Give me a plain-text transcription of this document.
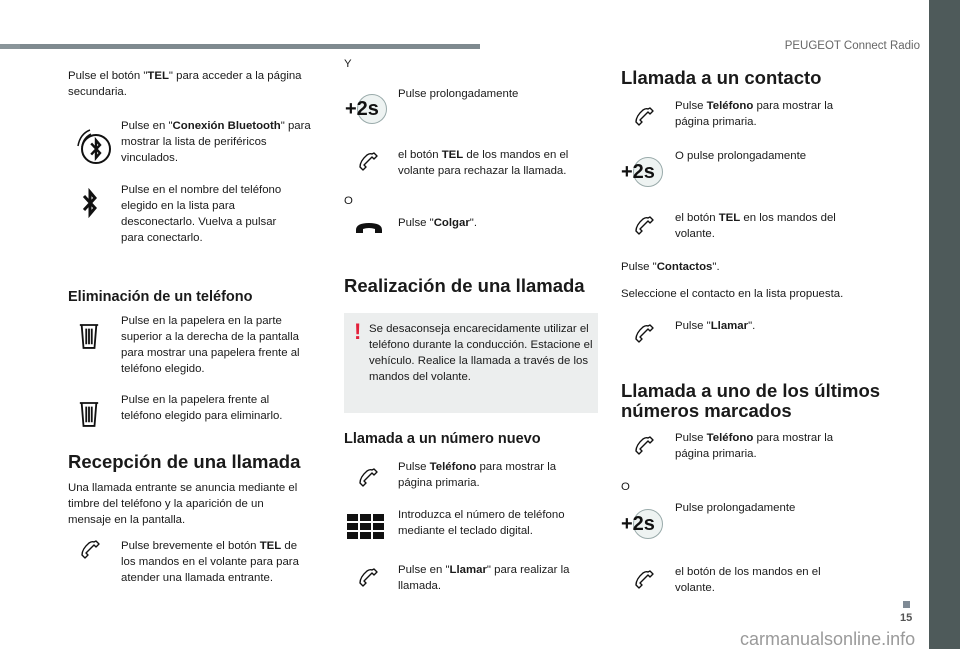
PEUGEOT Connect Radio
15
carmanualsonline.info
Pulse el botón "TEL" para acceder a la página secundaria.
Pulse en "Conexión Bluetooth" para mostrar la lista de periféricos vinculados.
Pulse en el nombre del teléfono elegido en la lista para desconectarlo. Vuelva a pulsar para conectarlo.
Eliminación de un teléfono
Pulse en la papelera en la parte superior a la derecha de la pantalla para mostrar una papelera frente al teléfono elegido.
Pulse en la papelera frente al teléfono elegido para eliminarlo.
Recepción de una llamada
Una llamada entrante se anuncia mediante el timbre del teléfono y la aparición de un mensaje en la pantalla.
Pulse brevemente el botón TEL de los mandos en el volante para para atender una llamada entrante.
Y
+2s
Pulse prolongadamente
el botón TEL de los mandos en el volante para rechazar la llamada.
O
Pulse "Colgar".
Realización de una llamada
! Se desaconseja encarecidamente utilizar el teléfono durante la conducción. Estacione el vehículo. Realice la llamada a través de los mandos del volante.
Llamada a un número nuevo
Pulse Teléfono para mostrar la página primaria.
Introduzca el número de teléfono mediante el teclado digital.
Pulse en "Llamar" para realizar la llamada.
Llamada a un contacto
Pulse Teléfono para mostrar la página primaria.
+2s
O pulse prolongadamente
el botón TEL en los mandos del volante.
Pulse "Contactos".
Seleccione el contacto en la lista propuesta.
Pulse "Llamar".
Llamada a uno de los últimos números marcados
Pulse Teléfono para mostrar la página primaria.
O
+2s
Pulse prolongadamente
el botón de los mandos en el volante.
